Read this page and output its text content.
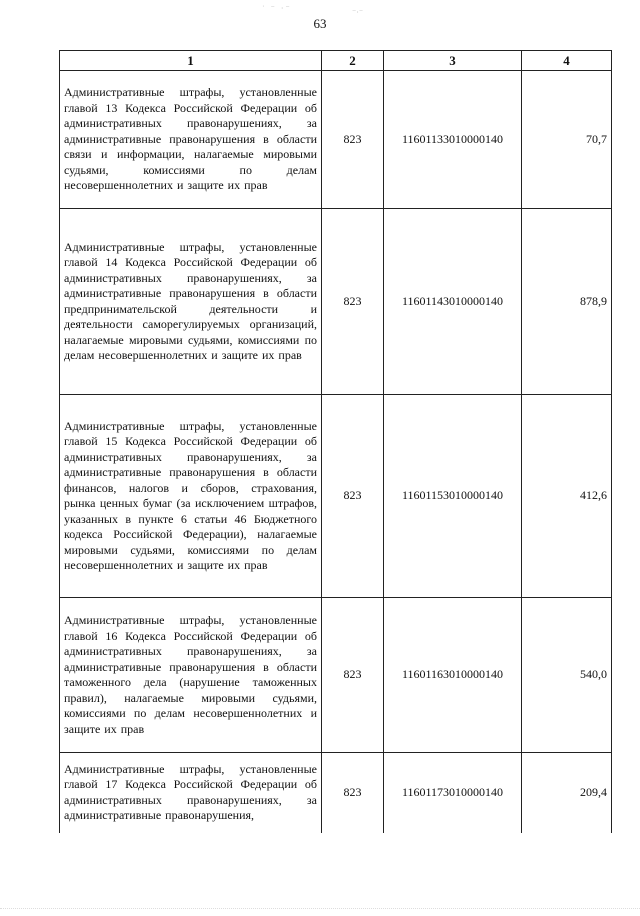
˙ ⁻ ·⁻	⁻·⁻
63
1	2	3	4
Административные штрафы, установленные главой 13 Кодекса Российской Федерации об административных правонарушениях, за административные правонарушения в области связи и информации, налагаемые мировыми судьями, комиссиями по делам несовершеннолетних и защите их прав	823	11601133010000140	70,7
Административные штрафы, установленные главой 14 Кодекса Российской Федерации об административных правонарушениях, за административные правонарушения в области предпринимательской деятельности и деятельности саморегулируемых организаций, налагаемые мировыми судьями, комиссиями по делам несовершеннолетних и защите их прав	823	11601143010000140	878,9
Административные штрафы, установленные главой 15 Кодекса Российской Федерации об административных правонарушениях, за административные правонарушения в области финансов, налогов и сборов, страхования, рынка ценных бумаг (за исключением штрафов, указанных в пункте 6 статьи 46 Бюджетного кодекса Российской Федерации), налагаемые мировыми судьями, комиссиями по делам несовершеннолетних и защите их прав	823	11601153010000140	412,6
Административные штрафы, установленные главой 16 Кодекса Российской Федерации об административных правонарушениях, за административные правонарушения в области таможенного дела (нарушение таможенных правил), налагаемые мировыми судьями, комиссиями по делам несовершеннолетних и защите их прав	823	11601163010000140	540,0
Административные штрафы, установленные главой 17 Кодекса Российской Федерации об административных правонарушениях, за административные правонарушения,	823	11601173010000140	209,4
